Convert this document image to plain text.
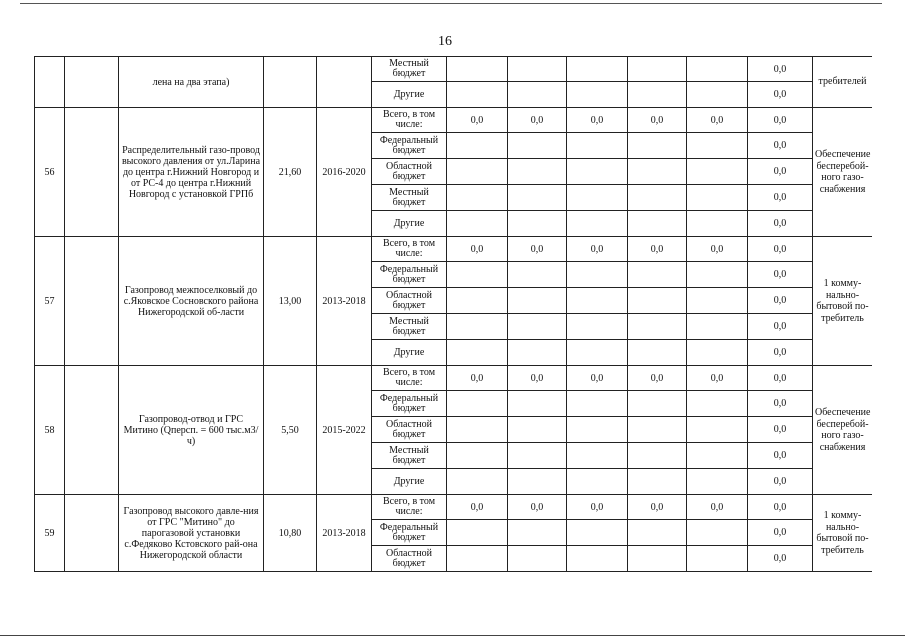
16
		лена на два этапа)			Местный бюджет						0,0	требителей
					Другие						0,0	
56		Распределительный газо-провод высокого давления от ул.Ларина до центра г.Нижний Новгород и от РС-4 до центра г.Нижний Новгород с установкой ГРПб	21,60	2016-2020	Всего, в том числе:	0,0	0,0	0,0	0,0	0,0	0,0	Обеспечение бесперебой-ного газо-снабжения
					Федеральный бюджет						0,0	
					Областной бюджет						0,0	
					Местный бюджет						0,0	
					Другие						0,0	
57		Газопровод межпоселковый до с.Яковское Сосновского района Нижегородской об-ласти	13,00	2013-2018	Всего, в том числе:	0,0	0,0	0,0	0,0	0,0	0,0	1 комму-нально-бытовой по-требитель
					Федеральный бюджет						0,0	
					Областной бюджет						0,0	
					Местный бюджет						0,0	
					Другие						0,0	
58		Газопровод-отвод и ГРС Митино (Qперсп. = 600 тыс.м3/ч)	5,50	2015-2022	Всего, в том числе:	0,0	0,0	0,0	0,0	0,0	0,0	Обеспечение бесперебой-ного газо-снабжения
					Федеральный бюджет						0,0	
					Областной бюджет						0,0	
					Местный бюджет						0,0	
					Другие						0,0	
59		Газопровод высокого давле-ния от ГРС "Митино" до парогазовой установки с.Федяково Кстовского рай-она Нижегородской области	10,80	2013-2018	Всего, в том числе:	0,0	0,0	0,0	0,0	0,0	0,0	1 комму-нально-бытовой по-требитель
					Федеральный бюджет						0,0	
					Областной бюджет						0,0	
